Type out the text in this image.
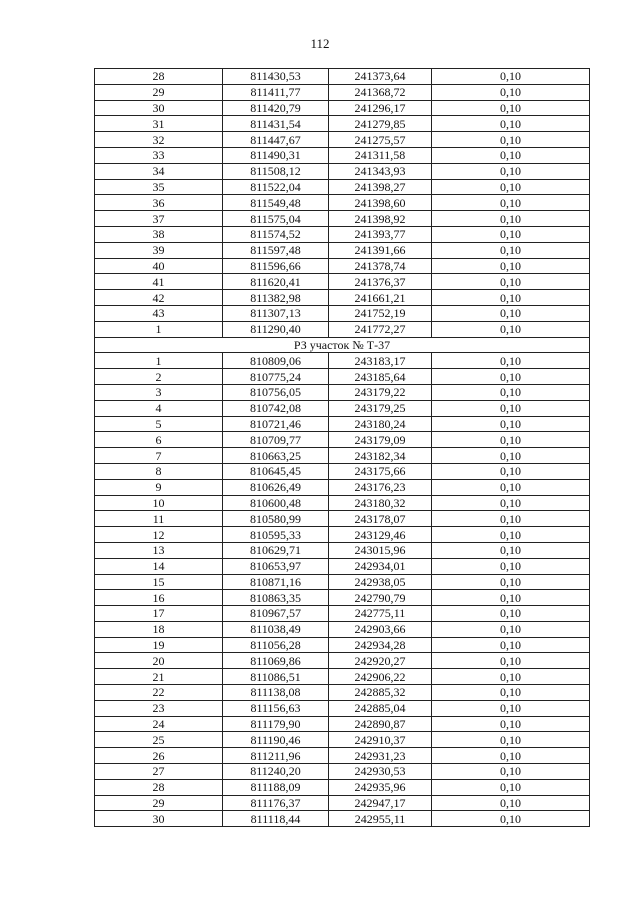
112
28	811430,53	241373,64	0,10
29	811411,77	241368,72	0,10
30	811420,79	241296,17	0,10
31	811431,54	241279,85	0,10
32	811447,67	241275,57	0,10
33	811490,31	241311,58	0,10
34	811508,12	241343,93	0,10
35	811522,04	241398,27	0,10
36	811549,48	241398,60	0,10
37	811575,04	241398,92	0,10
38	811574,52	241393,77	0,10
39	811597,48	241391,66	0,10
40	811596,66	241378,74	0,10
41	811620,41	241376,37	0,10
42	811382,98	241661,21	0,10
43	811307,13	241752,19	0,10
1	811290,40	241772,27	0,10
РЗ участок № Т-37			
1	810809,06	243183,17	0,10
2	810775,24	243185,64	0,10
3	810756,05	243179,22	0,10
4	810742,08	243179,25	0,10
5	810721,46	243180,24	0,10
6	810709,77	243179,09	0,10
7	810663,25	243182,34	0,10
8	810645,45	243175,66	0,10
9	810626,49	243176,23	0,10
10	810600,48	243180,32	0,10
11	810580,99	243178,07	0,10
12	810595,33	243129,46	0,10
13	810629,71	243015,96	0,10
14	810653,97	242934,01	0,10
15	810871,16	242938,05	0,10
16	810863,35	242790,79	0,10
17	810967,57	242775,11	0,10
18	811038,49	242903,66	0,10
19	811056,28	242934,28	0,10
20	811069,86	242920,27	0,10
21	811086,51	242906,22	0,10
22	811138,08	242885,32	0,10
23	811156,63	242885,04	0,10
24	811179,90	242890,87	0,10
25	811190,46	242910,37	0,10
26	811211,96	242931,23	0,10
27	811240,20	242930,53	0,10
28	811188,09	242935,96	0,10
29	811176,37	242947,17	0,10
30	811118,44	242955,11	0,10
